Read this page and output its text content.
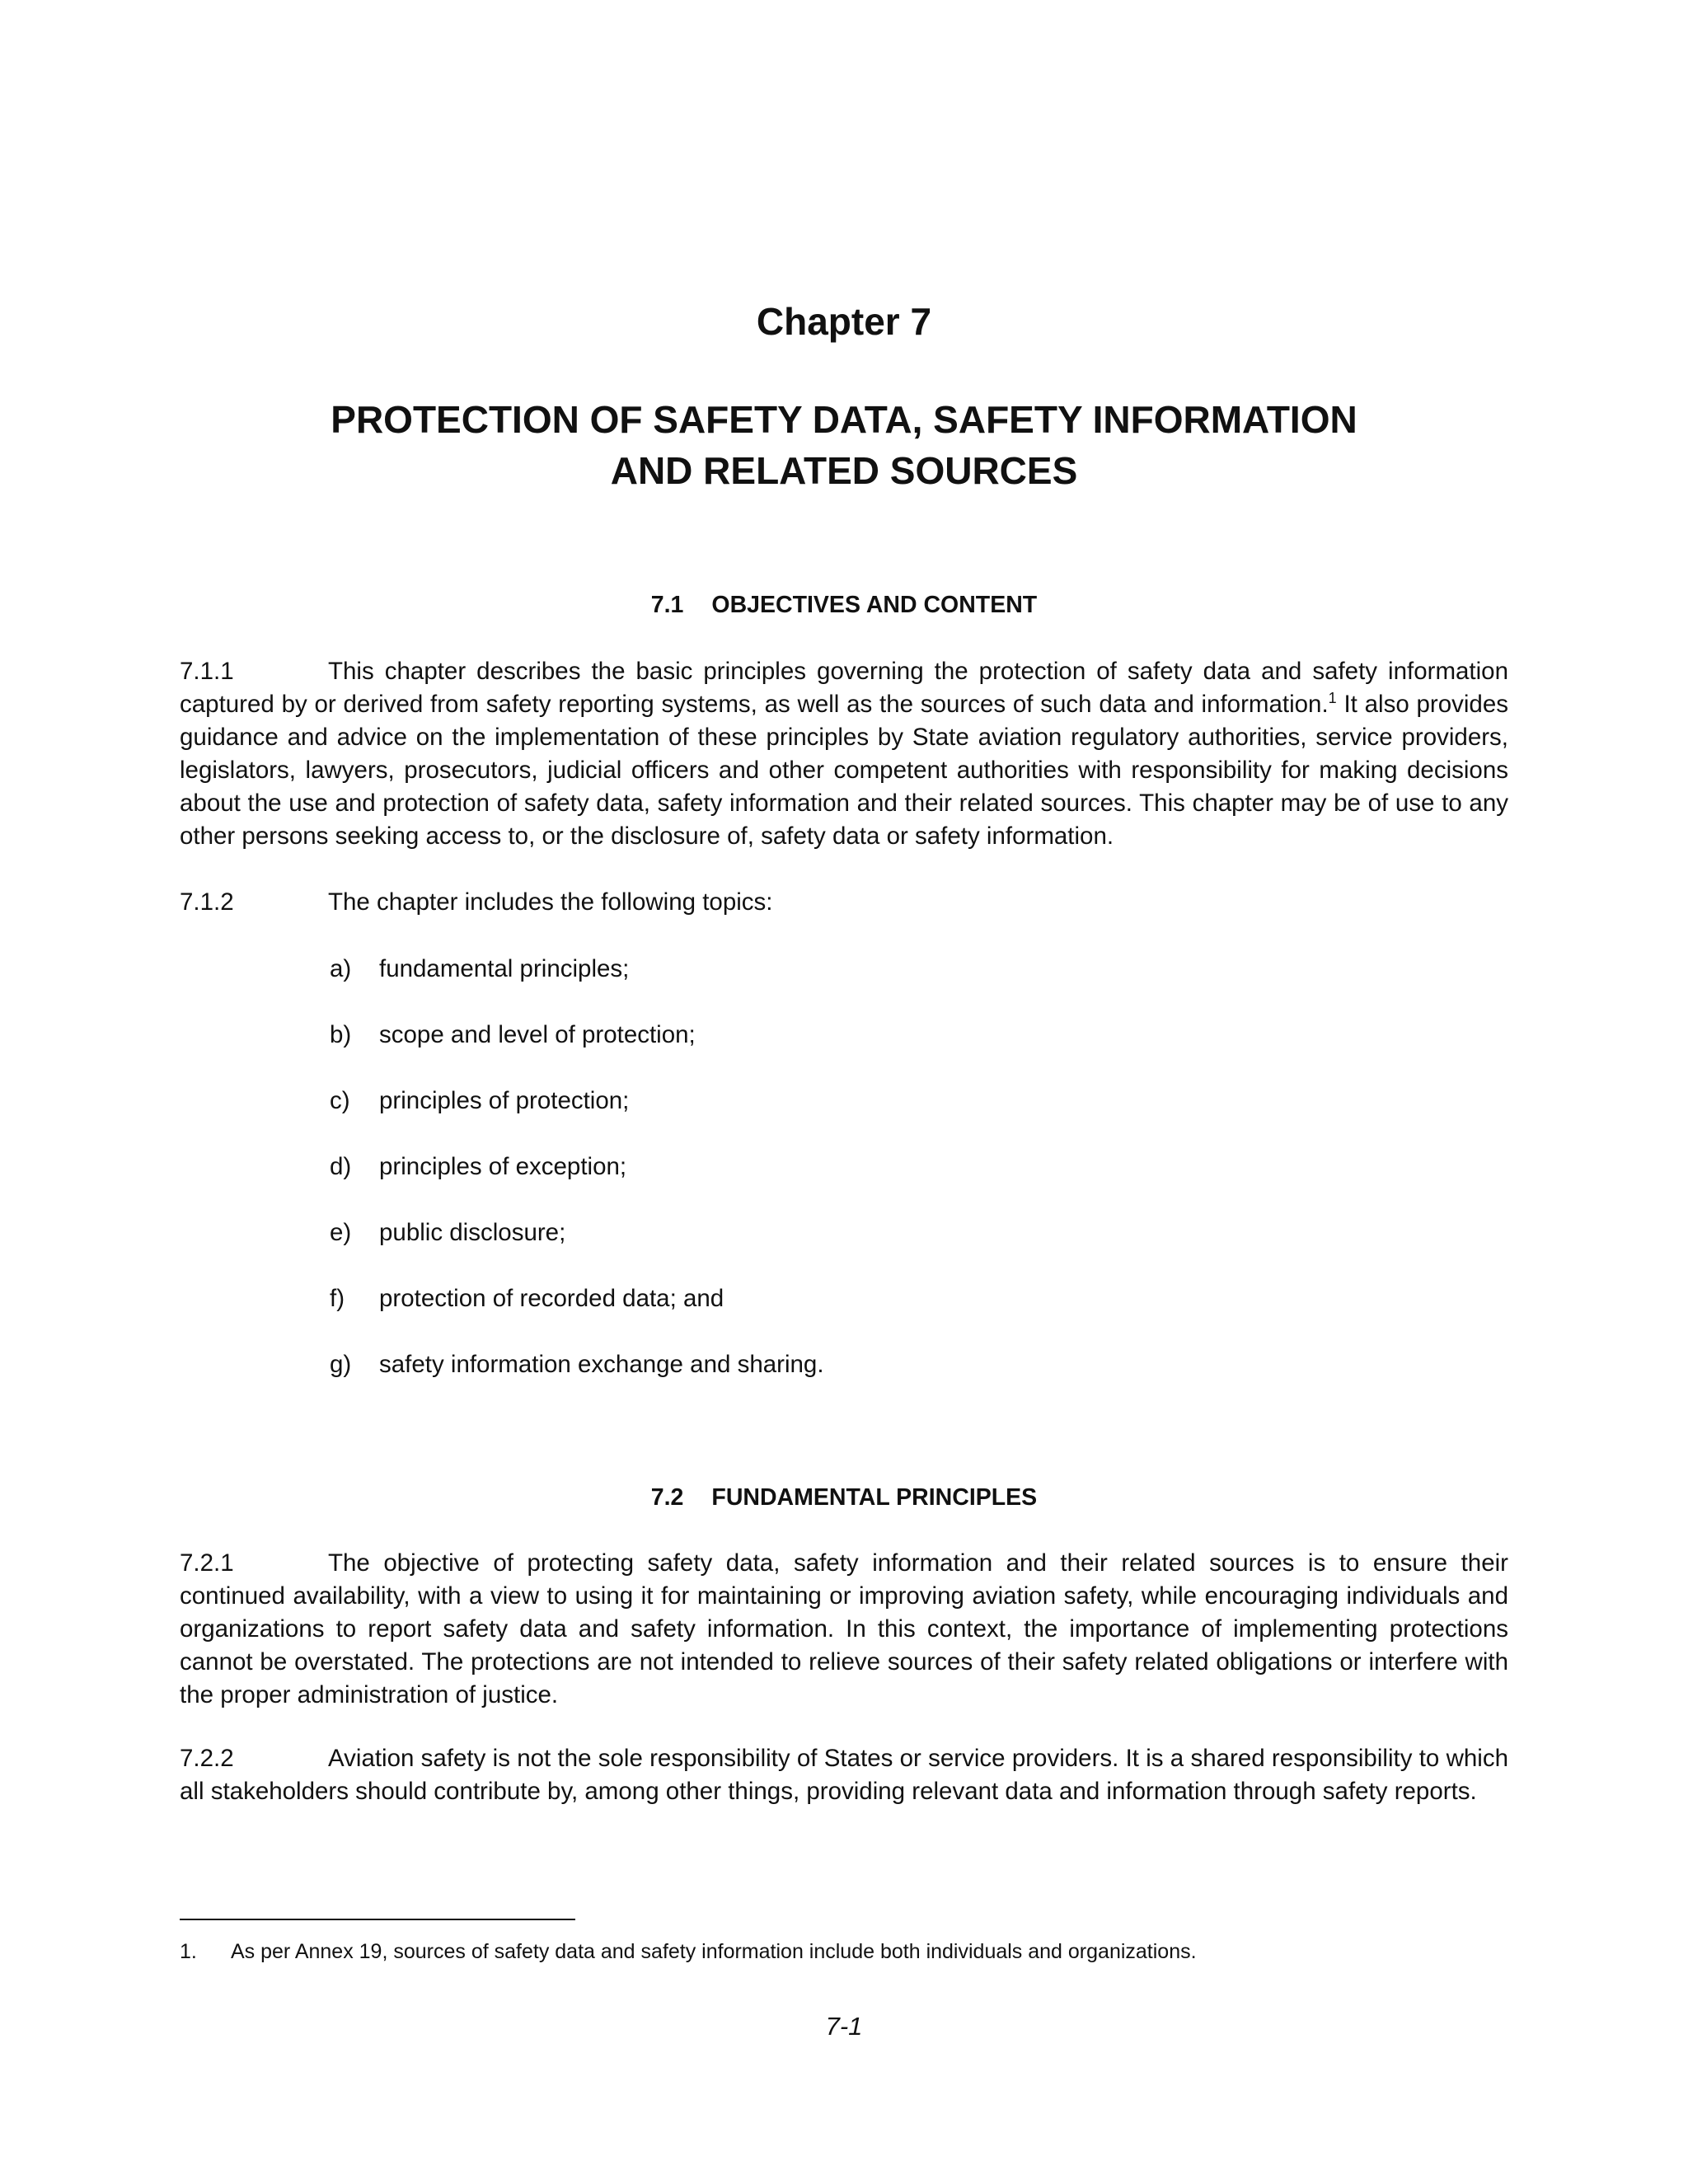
Chapter 7
PROTECTION OF SAFETY DATA, SAFETY INFORMATION
AND RELATED SOURCES
7.1 OBJECTIVES AND CONTENT
7.1.1	This chapter describes the basic principles governing the protection of safety data and safety information captured by or derived from safety reporting systems, as well as the sources of such data and information.$^1$ It also provides guidance and advice on the implementation of these principles by State aviation regulatory authorities, service providers, legislators, lawyers, prosecutors, judicial officers and other competent authorities with responsibility for making decisions about the use and protection of safety data, safety information and their related sources. This chapter may be of use to any other persons seeking access to, or the disclosure of, safety data or safety information.
7.1.2	The chapter includes the following topics:
a) fundamental principles;
b) scope and level of protection;
c) principles of protection;
d) principles of exception;
e) public disclosure;
f) protection of recorded data; and
g) safety information exchange and sharing.
7.2 FUNDAMENTAL PRINCIPLES
7.2.1	The objective of protecting safety data, safety information and their related sources is to ensure their continued availability, with a view to using it for maintaining or improving aviation safety, while encouraging individuals and organizations to report safety data and safety information. In this context, the importance of implementing protections cannot be overstated. The protections are not intended to relieve sources of their safety related obligations or interfere with the proper administration of justice.
7.2.2	Aviation safety is not the sole responsibility of States or service providers. It is a shared responsibility to which all stakeholders should contribute by, among other things, providing relevant data and information through safety reports.
1. As per Annex 19, sources of safety data and safety information include both individuals and organizations.
7-1
